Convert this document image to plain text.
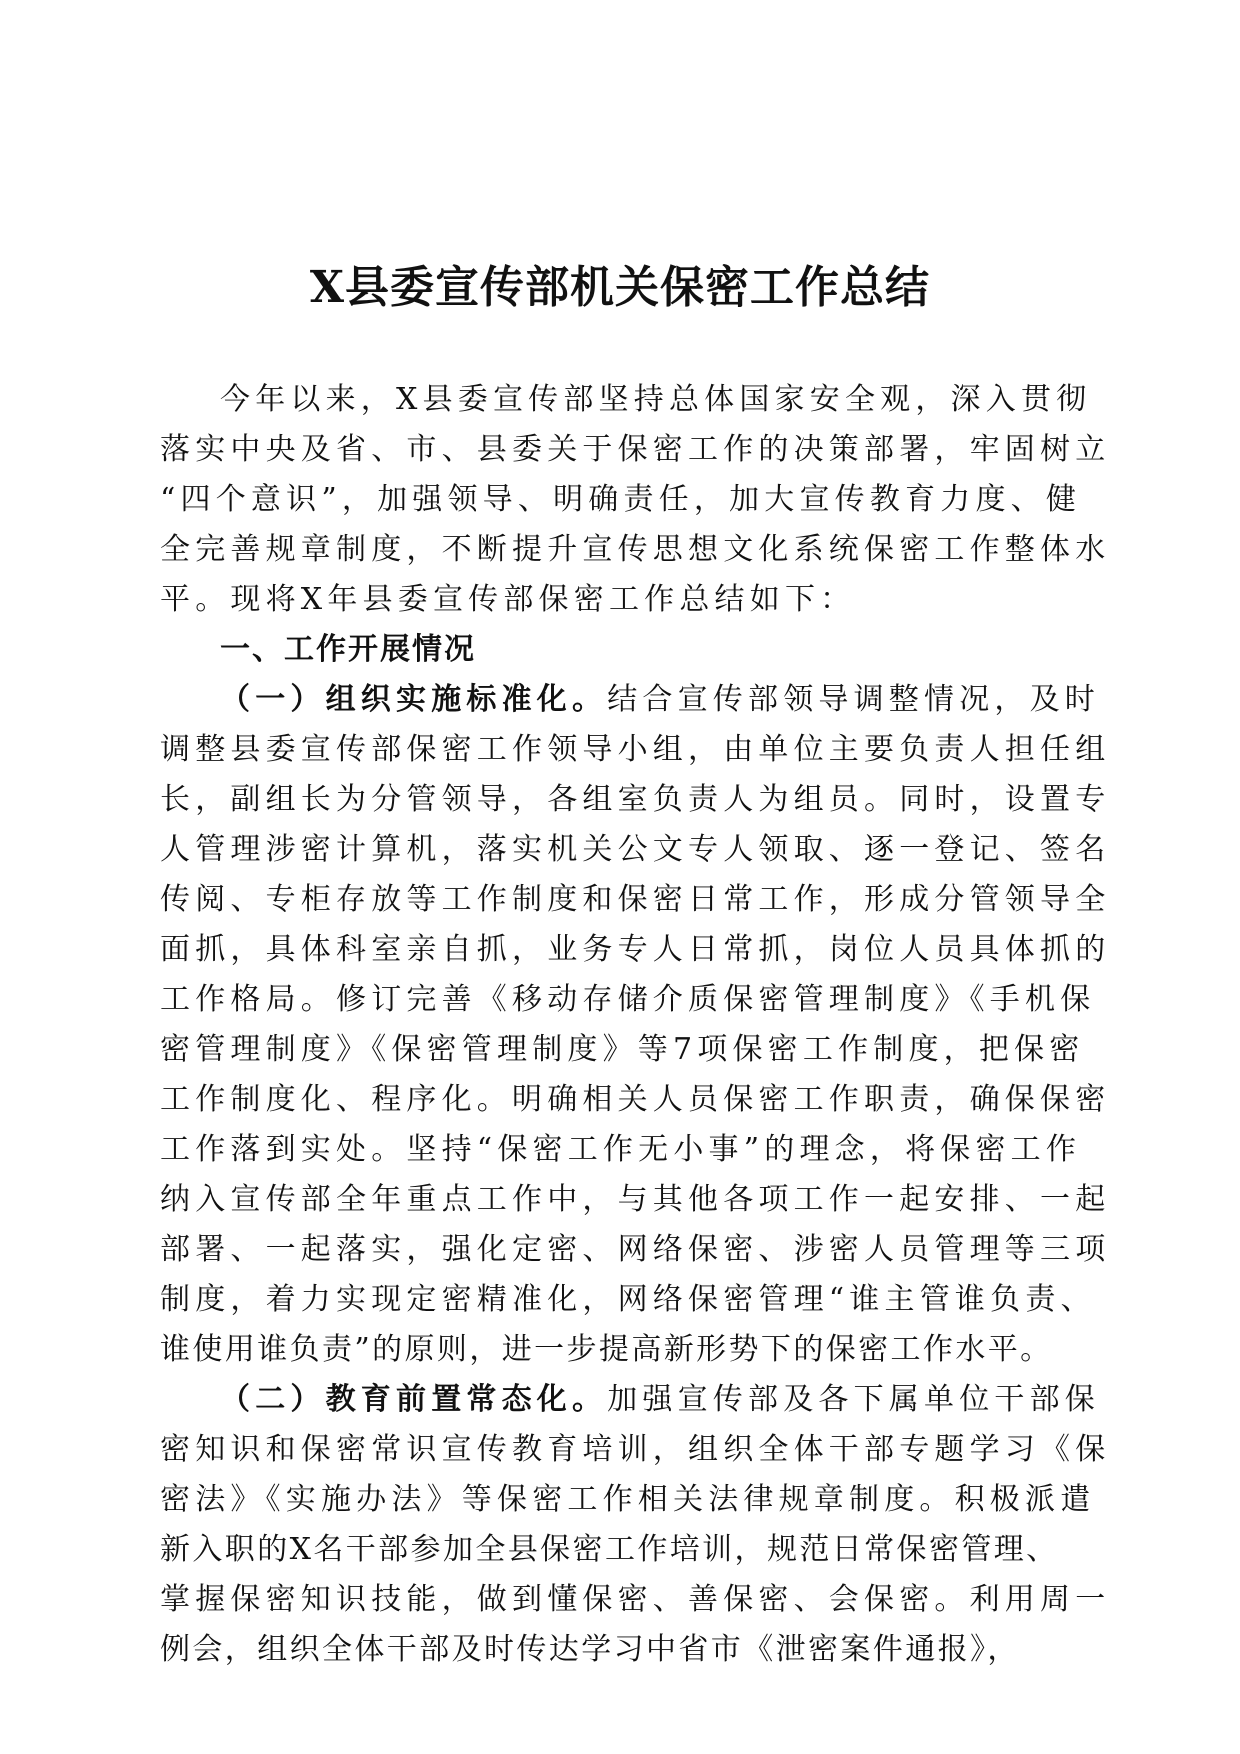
X县委宣传部机关保密工作总结
今年以来，X县委宣传部坚持总体国家安全观，深入贯彻
落实中央及省、市、县委关于保密工作的决策部署，牢固树立
“四个意识”，加强领导、明确责任，加大宣传教育力度、健
全完善规章制度，不断提升宣传思想文化系统保密工作整体水
平。现将X年县委宣传部保密工作总结如下：
一、工作开展情况
（一）组织实施标准化。结合宣传部领导调整情况，及时
调整县委宣传部保密工作领导小组，由单位主要负责人担任组
长，副组长为分管领导，各组室负责人为组员。同时，设置专
人管理涉密计算机，落实机关公文专人领取、逐一登记、签名
传阅、专柜存放等工作制度和保密日常工作，形成分管领导全
面抓，具体科室亲自抓，业务专人日常抓，岗位人员具体抓的
工作格局。修订完善《移动存储介质保密管理制度》《手机保
密管理制度》《保密管理制度》等7项保密工作制度，把保密
工作制度化、程序化。明确相关人员保密工作职责，确保保密
工作落到实处。坚持“保密工作无小事”的理念，将保密工作
纳入宣传部全年重点工作中，与其他各项工作一起安排、一起
部署、一起落实，强化定密、网络保密、涉密人员管理等三项
制度，着力实现定密精准化，网络保密管理“谁主管谁负责、
谁使用谁负责”的原则，进一步提高新形势下的保密工作水平。
（二）教育前置常态化。加强宣传部及各下属单位干部保
密知识和保密常识宣传教育培训，组织全体干部专题学习《保
密法》《实施办法》等保密工作相关法律规章制度。积极派遣
新入职的X名干部参加全县保密工作培训，规范日常保密管理、
掌握保密知识技能，做到懂保密、善保密、会保密。利用周一
例会，组织全体干部及时传达学习中省市《泄密案件通报》，
